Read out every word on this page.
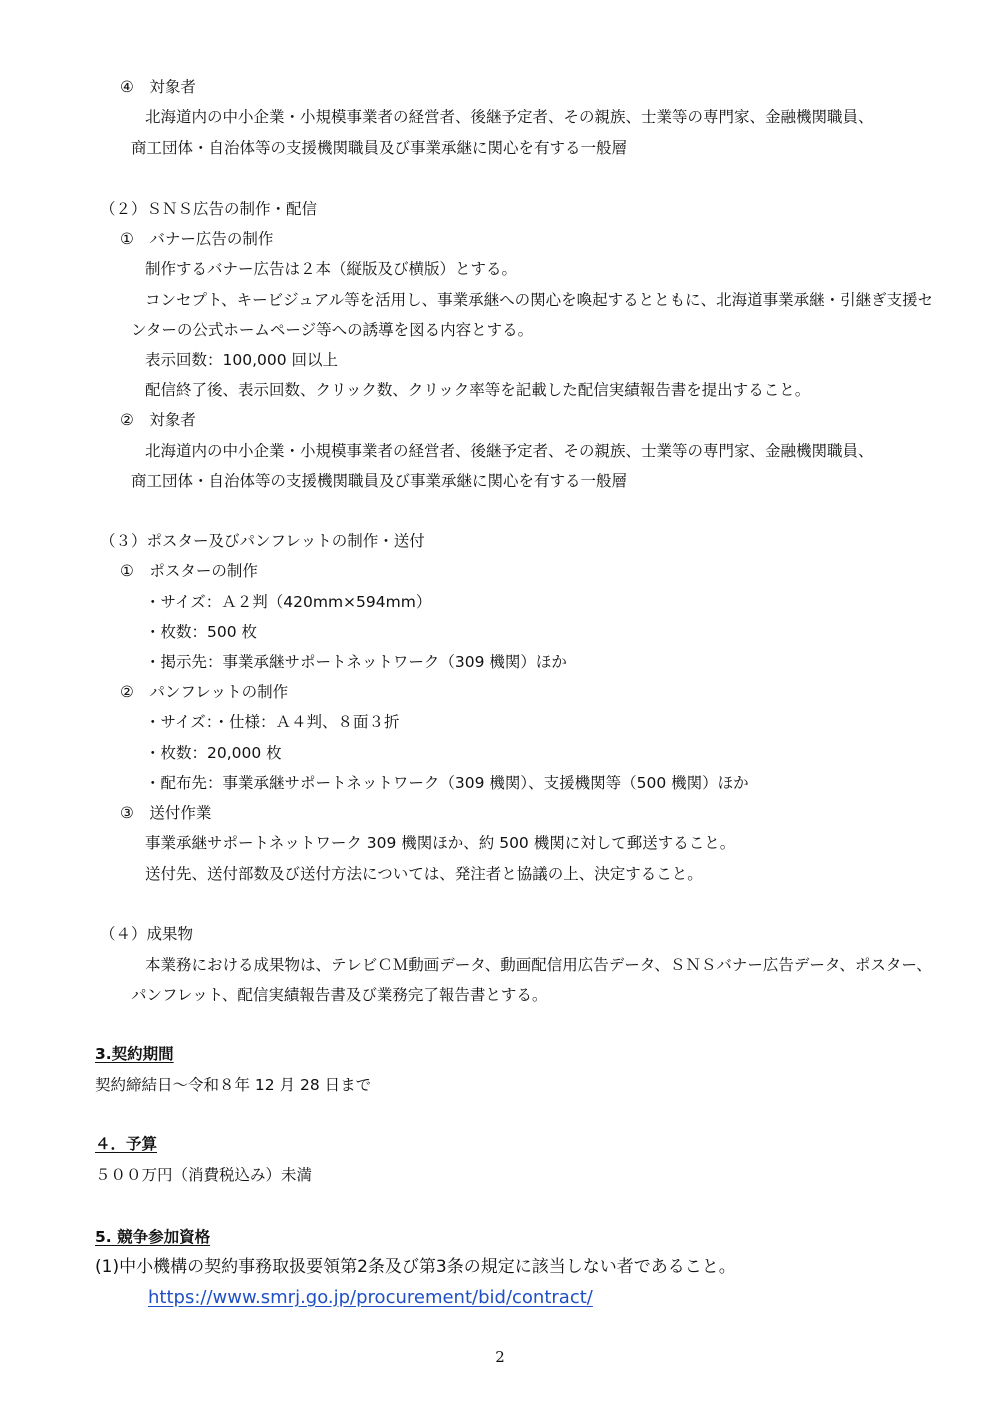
④　対象者
北海道内の中小企業・小規模事業者の経営者、後継予定者、その親族、士業等の専門家、金融機関職員、
商工団体・自治体等の支援機関職員及び事業承継に関心を有する一般層
（２）ＳＮＳ広告の制作・配信
①　バナー広告の制作
制作するバナー広告は２本（縦版及び横版）とする。
コンセプト、キービジュアル等を活用し、事業承継への関心を喚起するとともに、北海道事業承継・引継ぎ支援セ
ンターの公式ホームページ等への誘導を図る内容とする。
表示回数：100,000 回以上
配信終了後、表示回数、クリック数、クリック率等を記載した配信実績報告書を提出すること。
②　対象者
北海道内の中小企業・小規模事業者の経営者、後継予定者、その親族、士業等の専門家、金融機関職員、
商工団体・自治体等の支援機関職員及び事業承継に関心を有する一般層
（３）ポスター及びパンフレットの制作・送付
①　ポスターの制作
・サイズ：Ａ２判（420mm×594mm）
・枚数：500 枚
・掲示先：事業承継サポートネットワーク（309 機関）ほか
②　パンフレットの制作
・サイズ：・仕様：Ａ４判、８面３折
・枚数：20,000 枚
・配布先：事業承継サポートネットワーク（309 機関）、支援機関等（500 機関）ほか
③　送付作業
事業承継サポートネットワーク 309 機関ほか、約 500 機関に対して郵送すること。
送付先、送付部数及び送付方法については、発注者と協議の上、決定すること。
（４）成果物
本業務における成果物は、テレビＣＭ動画データ、動画配信用広告データ、ＳＮＳバナー広告データ、ポスター、
パンフレット、配信実績報告書及び業務完了報告書とする。
3.契約期間
契約締結日～令和８年 12 月 28 日まで
４．予算
５００万円（消費税込み）未満
5. 競争参加資格
(1)中小機構の契約事務取扱要領第2条及び第3条の規定に該当しない者であること。
https://www.smrj.go.jp/procurement/bid/contract/
2
